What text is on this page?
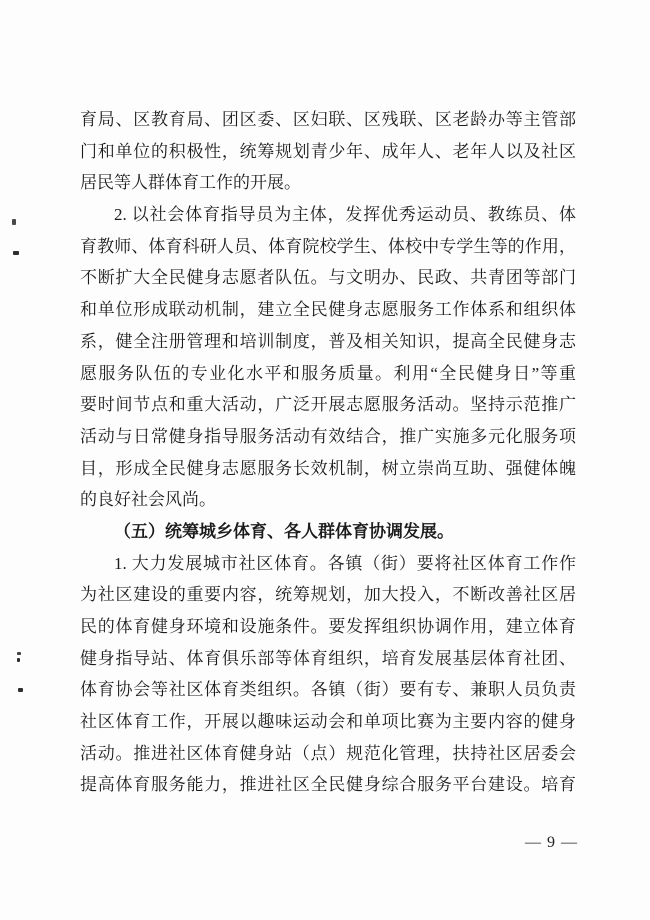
育局、区教育局、团区委、区妇联、区残联、区老龄办等主管部
门和单位的积极性，统筹规划青少年、成年人、老年人以及社区
居民等人群体育工作的开展。
2. 以社会体育指导员为主体，发挥优秀运动员、教练员、体
育教师、体育科研人员、体育院校学生、体校中专学生等的作用，
不断扩大全民健身志愿者队伍。与文明办、民政、共青团等部门
和单位形成联动机制，建立全民健身志愿服务工作体系和组织体
系，健全注册管理和培训制度，普及相关知识，提高全民健身志
愿服务队伍的专业化水平和服务质量。利用“全民健身日”等重
要时间节点和重大活动，广泛开展志愿服务活动。坚持示范推广
活动与日常健身指导服务活动有效结合，推广实施多元化服务项
目，形成全民健身志愿服务长效机制，树立崇尚互助、强健体魄
的良好社会风尚。
（五）统筹城乡体育、各人群体育协调发展。
1. 大力发展城市社区体育。各镇（街）要将社区体育工作作
为社区建设的重要内容，统筹规划，加大投入，不断改善社区居
民的体育健身环境和设施条件。要发挥组织协调作用，建立体育
健身指导站、体育俱乐部等体育组织，培育发展基层体育社团、
体育协会等社区体育类组织。各镇（街）要有专、兼职人员负责
社区体育工作，开展以趣味运动会和单项比赛为主要内容的健身
活动。推进社区体育健身站（点）规范化管理，扶持社区居委会
提高体育服务能力，推进社区全民健身综合服务平台建设。培育
— 9 —
